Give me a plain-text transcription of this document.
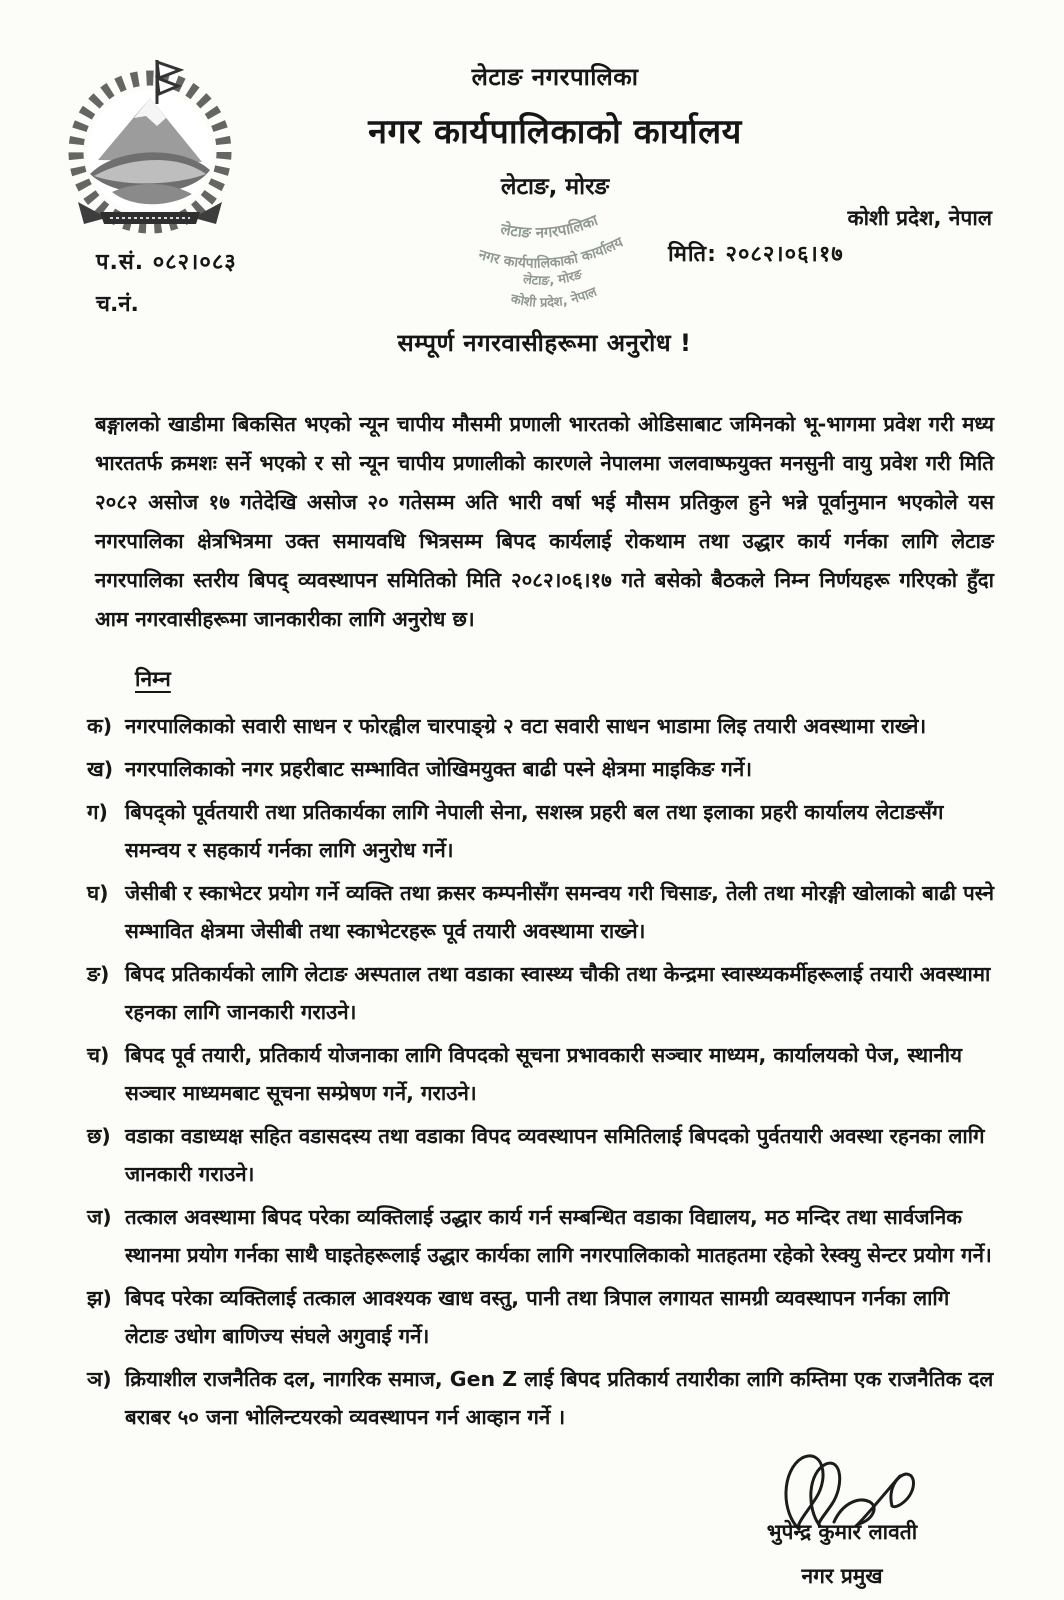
लेटाङ नगरपालिका
नगर कार्यपालिकाको कार्यालय
लेटाङ, मोरङ
लेटाङ नगरपालिका
नगर कार्यपालिकाको कार्यालय
लेटाङ, मोरङ
कोशी प्रदेश, नेपाल
कोशी प्रदेश, नेपाल
मिति: २०८२।०६।१७
प.सं. ०८२।०८३
च.नं.
सम्पूर्ण नगरवासीहरूमा अनुरोध !
बङ्गालको खाडीमा बिकसित भएको न्यून चापीय मौसमी प्रणाली भारतको ओडिसाबाट जमिनको भू-भागमा प्रवेश गरी मध्य भारततर्फ क्रमशः सर्ने भएको र सो न्यून चापीय प्रणालीको कारणले नेपालमा जलवाष्फयुक्त मनसुनी वायु प्रवेश गरी मिति २०८२ असोज १७ गतेदेखि असोज २० गतेसम्म अति भारी वर्षा भई मौसम प्रतिकुल हुने भन्ने पूर्वानुमान भएकोले यस नगरपालिका क्षेत्रभित्रमा उक्त समायवधि भित्रसम्म बिपद कार्यलाई रोकथाम तथा उद्धार कार्य गर्नका लागि लेटाङ नगरपालिका स्तरीय बिपद् व्यवस्थापन समितिको मिति २०८२।०६।१७ गते बसेको बैठकले निम्न निर्णयहरू गरिएको हुँदा आम नगरवासीहरूमा जानकारीका लागि अनुरोध छ।
निम्न
क) नगरपालिकाको सवारी साधन र फोरह्वील चारपाङ्ग्रे २ वटा सवारी साधन भाडामा लिइ तयारी अवस्थामा राख्ने।
ख) नगरपालिकाको नगर प्रहरीबाट सम्भावित जोखिमयुक्त बाढी पस्ने क्षेत्रमा माइकिङ गर्ने।
ग) बिपद्को पूर्वतयारी तथा प्रतिकार्यका लागि नेपाली सेना, सशस्त्र प्रहरी बल तथा इलाका प्रहरी कार्यालय लेटाङसँग समन्वय र सहकार्य गर्नका लागि अनुरोध गर्ने।
घ) जेसीबी र स्काभेटर प्रयोग गर्ने व्यक्ति तथा क्रसर कम्पनीसँग समन्वय गरी चिसाङ, तेली तथा मोरङ्गी खोलाको बाढी पस्ने सम्भावित क्षेत्रमा जेसीबी तथा स्काभेटरहरू पूर्व तयारी अवस्थामा राख्ने।
ङ) बिपद प्रतिकार्यको लागि लेटाङ अस्पताल तथा वडाका स्वास्थ्य चौकी तथा केन्द्रमा स्वास्थ्यकर्मीहरूलाई तयारी अवस्थामा रहनका लागि जानकारी गराउने।
च) बिपद पूर्व तयारी, प्रतिकार्य योजनाका लागि विपदको सूचना प्रभावकारी सञ्चार माध्यम, कार्यालयको पेज, स्थानीय सञ्चार माध्यमबाट सूचना सम्प्रेषण गर्ने, गराउने।
छ) वडाका वडाध्यक्ष सहित वडासदस्य तथा वडाका विपद व्यवस्थापन समितिलाई बिपदको पुर्वतयारी अवस्था रहनका लागि जानकारी गराउने।
ज) तत्काल अवस्थामा बिपद परेका व्यक्तिलाई उद्धार कार्य गर्न सम्बन्धित वडाका विद्यालय, मठ मन्दिर तथा सार्वजनिक स्थानमा प्रयोग गर्नका साथै घाइतेहरूलाई उद्धार कार्यका लागि नगरपालिकाको मातहतमा रहेको रेस्क्यु सेन्टर प्रयोग गर्ने।
झ) बिपद परेका व्यक्तिलाई तत्काल आवश्यक खाध वस्तु, पानी तथा त्रिपाल लगायत सामग्री व्यवस्थापन गर्नका लागि लेटाङ उधोग बाणिज्य संघले अगुवाई गर्ने।
ञ) क्रियाशील राजनैतिक दल, नागरिक समाज, Gen Z लाई बिपद प्रतिकार्य तयारीका लागि कम्तिमा एक राजनैतिक दल बराबर ५० जना भोलिन्टयरको व्यवस्थापन गर्न आव्हान गर्ने ।
भुपेन्द्र कुमार लावती
नगर प्रमुख
